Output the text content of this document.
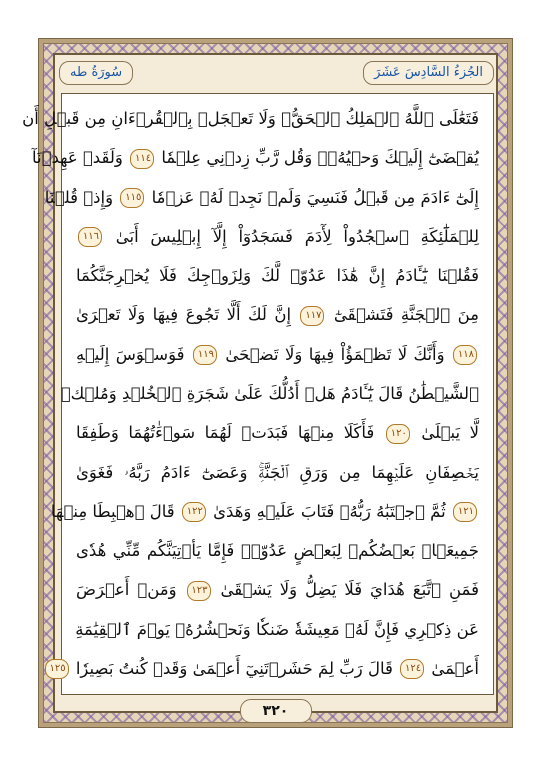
سُورَةُ طه	الجُزءُ السَّادِسَ عَشَرَ
فَتَعَٰلَى ٱللَّهُ ٱلۡمَلِكُ ٱلۡحَقُّۗ وَلَا تَعۡجَلۡ بِٱلۡقُرۡءَانِ مِن قَبۡلِ أَن
يُقۡضَىٰٓ إِلَيۡكَ وَحۡيُهُۥۖ وَقُل رَّبِّ زِدۡنِي عِلۡمٗا ١١٤ وَلَقَدۡ عَهِدۡنَآ
إِلَىٰٓ ءَادَمَ مِن قَبۡلُ فَنَسِيَ وَلَمۡ نَجِدۡ لَهُۥ عَزۡمٗا ١١٥ وَإِذۡ قُلۡنَا
لِلۡمَلَٰٓئِكَةِ ٱسۡجُدُواْ لِأٓدَمَ فَسَجَدُوٓاْ إِلَّآ إِبۡلِيسَ أَبَىٰ ١١٦
فَقُلۡنَا يَٰٓـَٔادَمُ إِنَّ هَٰذَا عَدُوّٞ لَّكَ وَلِزَوۡجِكَ فَلَا يُخۡرِجَنَّكُمَا
مِنَ ٱلۡجَنَّةِ فَتَشۡقَىٰٓ ١١٧ إِنَّ لَكَ أَلَّا تَجُوعَ فِيهَا وَلَا تَعۡرَىٰ
١١٨ وَأَنَّكَ لَا تَظۡمَؤُاْ فِيهَا وَلَا تَضۡحَىٰ ١١٩ فَوَسۡوَسَ إِلَيۡهِ
ٱلشَّيۡطَٰنُ قَالَ يَٰٓـَٔادَمُ هَلۡ أَدُلُّكَ عَلَىٰ شَجَرَةِ ٱلۡخُلۡدِ وَمُلۡكٖ
لَّا يَبۡلَىٰ ١٢٠ فَأَكَلَا مِنۡهَا فَبَدَتۡ لَهُمَا سَوۡءَٰتُهُمَا وَطَفِقَا
يَخۡصِفَانِ عَلَيۡهِمَا مِن وَرَقِ ٱلۡجَنَّةِۚ وَعَصَىٰٓ ءَادَمُ رَبَّهُۥ فَغَوَىٰ
١٢١ ثُمَّ ٱجۡتَبَٰهُ رَبُّهُۥ فَتَابَ عَلَيۡهِ وَهَدَىٰ ١٢٢ قَالَ ٱهۡبِطَا مِنۡهَا
جَمِيعَۢاۖ بَعۡضُكُمۡ لِبَعۡضٍ عَدُوّٞۖ فَإِمَّا يَأۡتِيَنَّكُم مِّنِّي هُدٗى
فَمَنِ ٱتَّبَعَ هُدَايَ فَلَا يَضِلُّ وَلَا يَشۡقَىٰ ١٢٣ وَمَنۡ أَعۡرَضَ
عَن ذِكۡرِي فَإِنَّ لَهُۥ مَعِيشَةٗ ضَنكٗا وَنَحۡشُرُهُۥ يَوۡمَ ٱلۡقِيَٰمَةِ
أَعۡمَىٰ ١٢٤ قَالَ رَبِّ لِمَ حَشَرۡتَنِيٓ أَعۡمَىٰ وَقَدۡ كُنتُ بَصِيرٗا ١٢٥
٣٢٠
